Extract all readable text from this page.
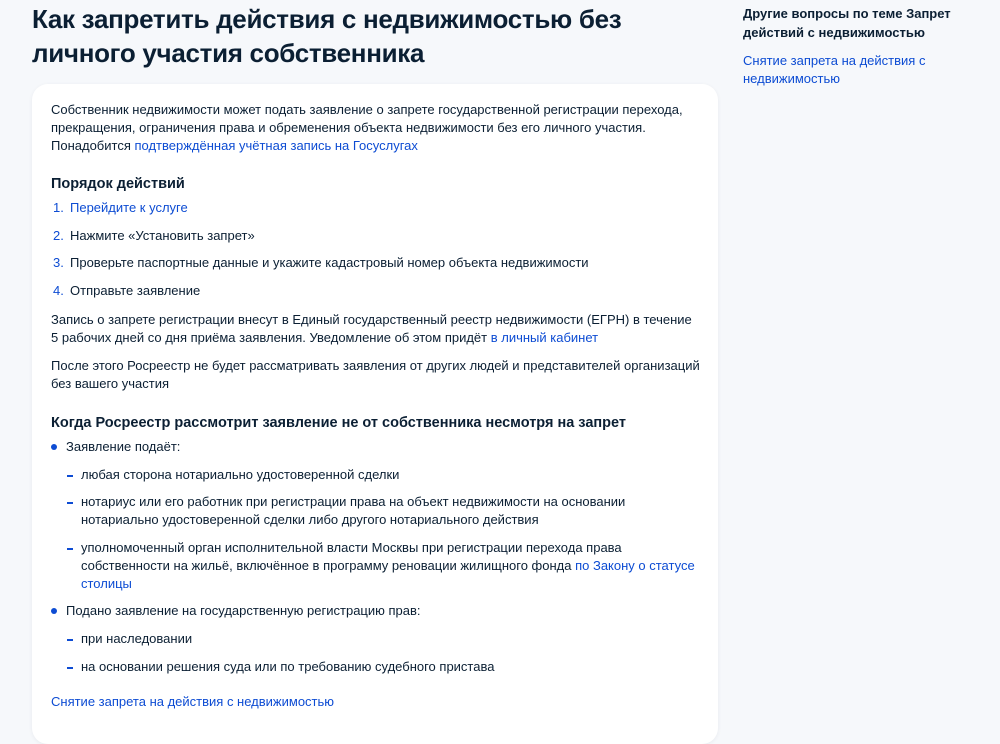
Как запретить действия с недвижимостью без личного участия собственника

Собственник недвижимости может подать заявление о запрете государственной регистрации перехода, прекращения, ограничения права и обременения объекта недвижимости без его личного участия. Понадобится подтверждённая учётная запись на Госуслугах

Порядок действий
1. Перейдите к услуге
2. Нажмите «Установить запрет»
3. Проверьте паспортные данные и укажите кадастровый номер объекта недвижимости
4. Отправьте заявление

Запись о запрете регистрации внесут в Единый государственный реестр недвижимости (ЕГРН) в течение 5 рабочих дней со дня приёма заявления. Уведомление об этом придёт в личный кабинет

После этого Росреестр не будет рассматривать заявления от других людей и представителей организаций без вашего участия

Когда Росреестр рассмотрит заявление не от собственника несмотря на запрет
Заявление подаёт:
любая сторона нотариально удостоверенной сделки
нотариус или его работник при регистрации права на объект недвижимости на основании нотариально удостоверенной сделки либо другого нотариального действия
уполномоченный орган исполнительной власти Москвы при регистрации перехода права собственности на жильё, включённое в программу реновации жилищного фонда по Закону о статусе столицы
Подано заявление на государственную регистрацию прав:
при наследовании
на основании решения суда или по требованию судебного пристава
Снятие запрета на действия с недвижимостью

Другие вопросы по теме Запрет действий с недвижимостью

Снятие запрета на действия с недвижимостью
